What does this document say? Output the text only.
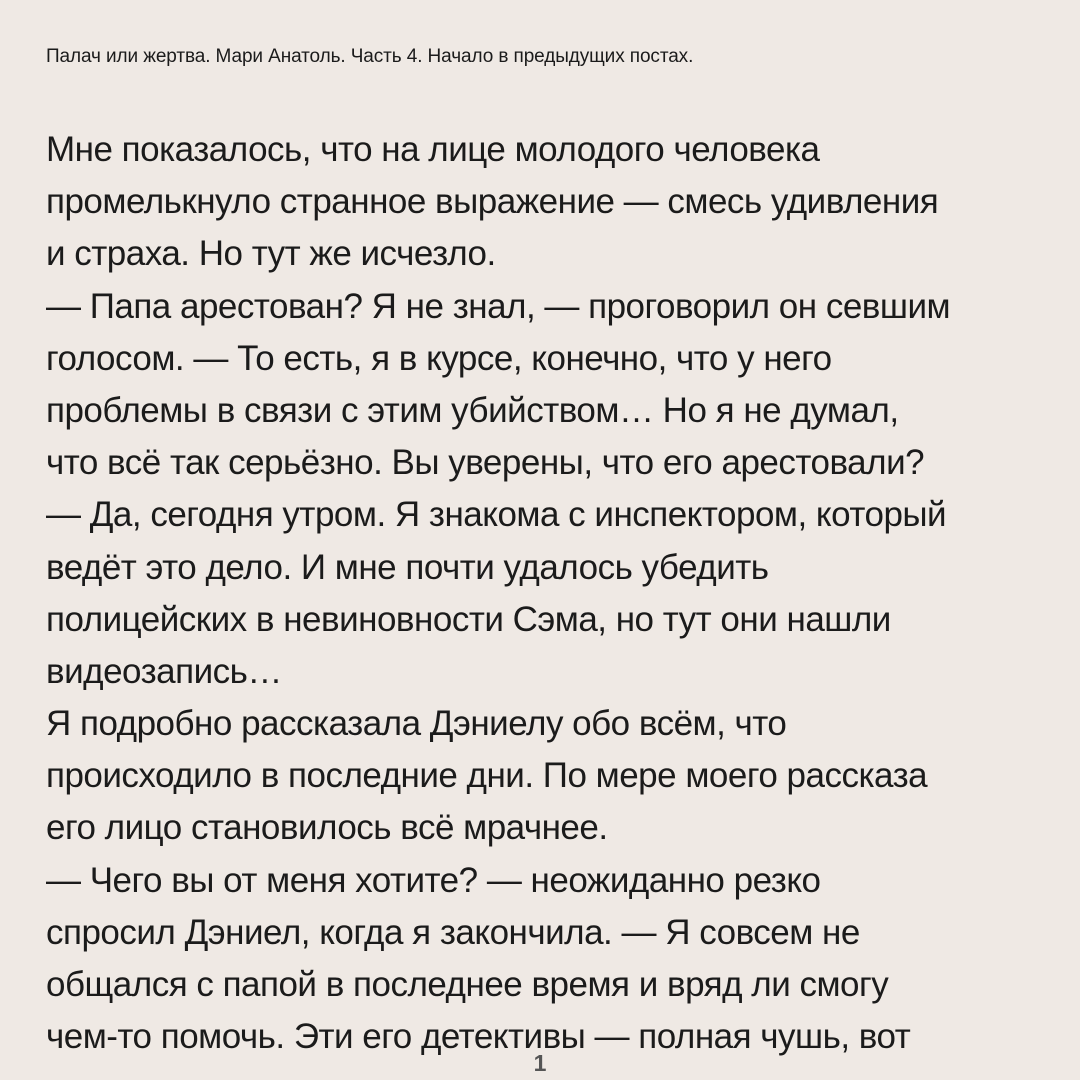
Палач или жертва. Мари Анатоль. Часть 4. Начало в предыдущих постах.
Мне показалось, что на лице молодого человека
промелькнуло странное выражение — смесь удивления
и страха. Но тут же исчезло.
— Папа арестован? Я не знал, — проговорил он севшим
голосом. — То есть, я в курсе, конечно, что у него
проблемы в связи с этим убийством… Но я не думал,
что всё так серьёзно. Вы уверены, что его арестовали?
— Да, сегодня утром. Я знакома с инспектором, который
ведёт это дело. И мне почти удалось убедить
полицейских в невиновности Сэма, но тут они нашли
видеозапись…
Я подробно рассказала Дэниелу обо всём, что
происходило в последние дни. По мере моего рассказа
его лицо становилось всё мрачнее.
— Чего вы от меня хотите? — неожиданно резко
спросил Дэниел, когда я закончила. — Я совсем не
общался с папой в последнее время и вряд ли смогу
чем-то помочь. Эти его детективы — полная чушь, вот
1
